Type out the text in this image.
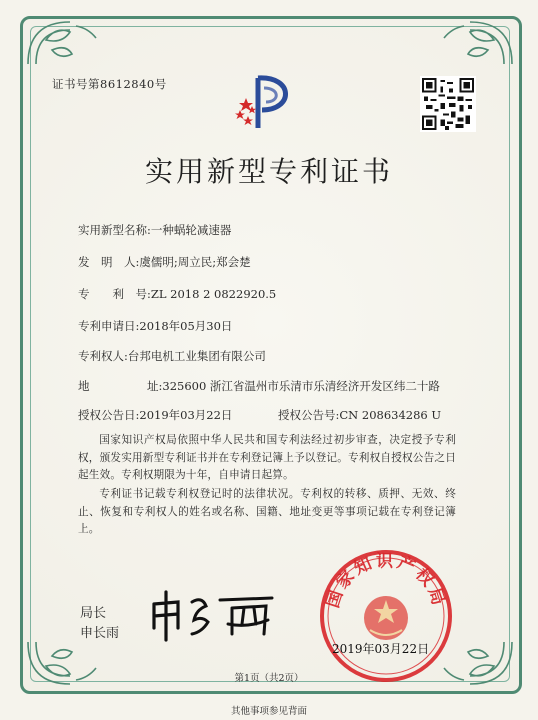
证书号第8612840号
实用新型专利证书
实用新型名称:一种蜗轮减速器
发　明　人:虞儒明;周立民;郑会楚
专　　利　号:ZL 2018 2 0822920.5
专利申请日:2018年05月30日
专利权人:台邦电机工业集团有限公司
地　　　　　址:325600 浙江省温州市乐清市乐清经济开发区纬二十路
授权公告日:2019年03月22日	授权公告号:CN 208634286 U
国家知识产权局依照中华人民共和国专利法经过初步审查，决定授予专利权，颁发实用新型专利证书并在专利登记簿上予以登记。专利权自授权公告之日起生效。专利权期限为十年，自申请日起算。
专利证书记载专利权登记时的法律状况。专利权的转移、质押、无效、终止、恢复和专利权人的姓名或名称、国籍、地址变更等事项记载在专利登记簿上。
局长
申长雨
国家知识产权局
2019年03月22日
第1页（共2页）
其他事项参见背面
